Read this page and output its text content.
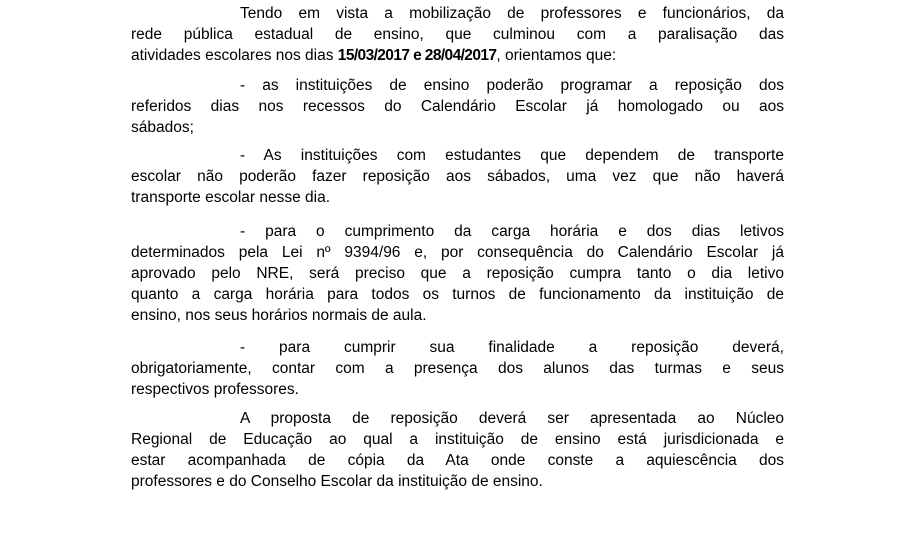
Tendo em vista a mobilização de professores e funcionários, da
rede pública estadual de ensino, que culminou com a paralisação das
atividades escolares nos dias 15/03/2017 e 28/04/2017, orientamos que:
- as instituições de ensino poderão programar a reposição dos
referidos dias nos recessos do Calendário Escolar já homologado ou aos
sábados;
- As instituições com estudantes que dependem de transporte
escolar não poderão fazer reposição aos sábados, uma vez que não haverá
transporte escolar nesse dia.
- para o cumprimento da carga horária e dos dias letivos
determinados pela Lei nº 9394/96 e, por consequência do Calendário Escolar já
aprovado pelo NRE, será preciso que a reposição cumpra tanto o dia letivo
quanto a carga horária para todos os turnos de funcionamento da instituição de
ensino, nos seus horários normais de aula.
- para cumprir sua finalidade a reposição deverá,
obrigatoriamente, contar com a presença dos alunos das turmas e seus
respectivos professores.
A proposta de reposição deverá ser apresentada ao Núcleo
Regional de Educação ao qual a instituição de ensino está jurisdicionada e
estar acompanhada de cópia da Ata onde conste a aquiescência dos
professores e do Conselho Escolar da instituição de ensino.
